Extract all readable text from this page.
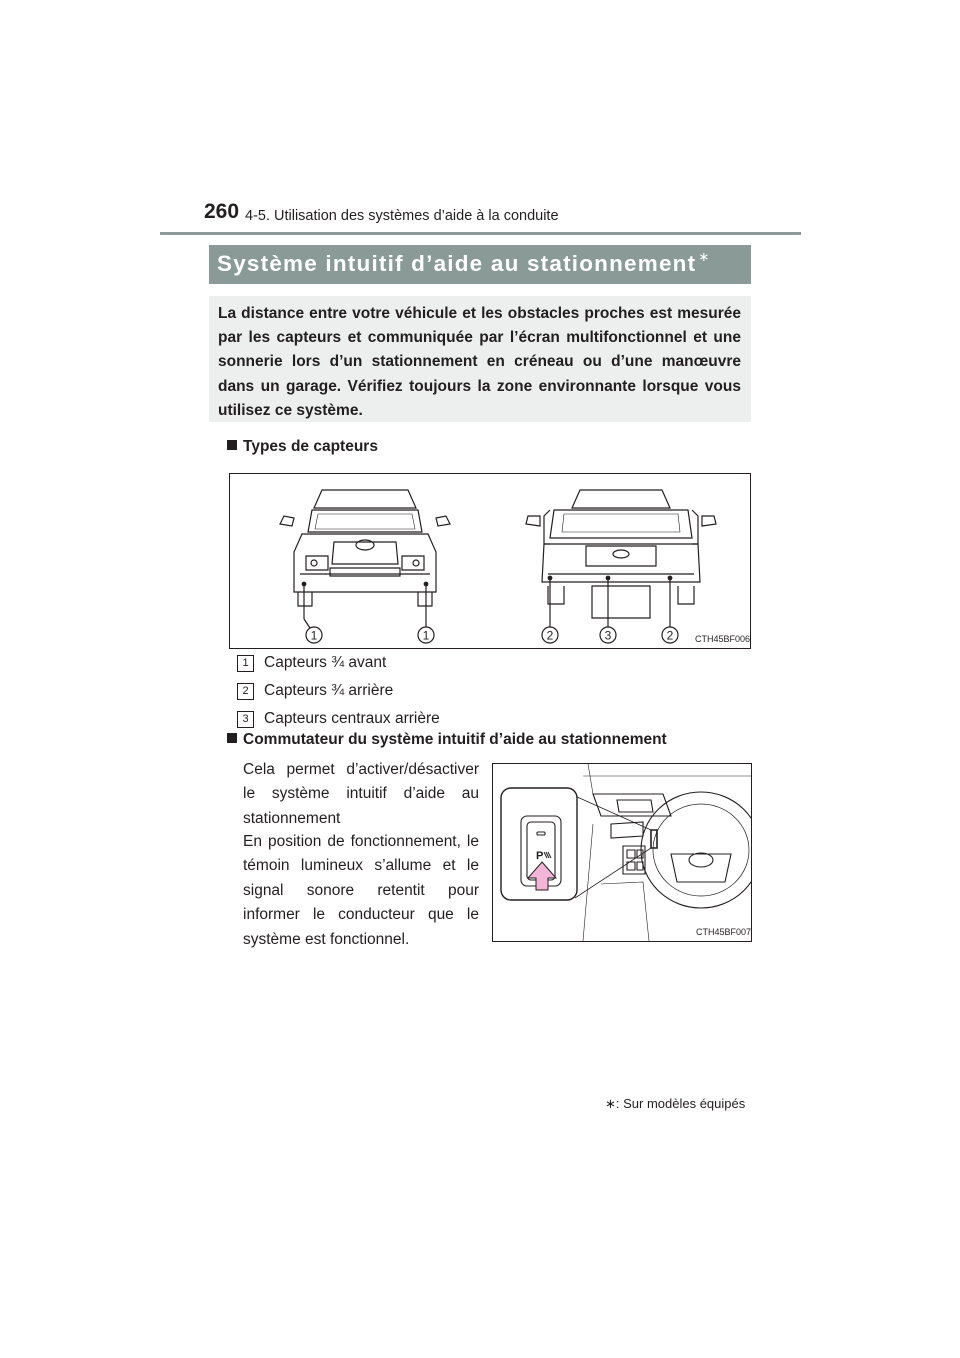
260 4-5. Utilisation des systèmes d’aide à la conduite
Système intuitif d’aide au stationnement ∗
La distance entre votre véhicule et les obstacles proches est mesurée par les capteurs et communiquée par l’écran multifonctionnel et une sonnerie lors d’un stationnement en créneau ou d’une manœuvre dans un garage. Vérifiez toujours la zone environnante lorsque vous utilisez ce système.
Types de capteurs
1	1	2	3	2 CTH45BF006
1 Capteurs ¾ avant
2 Capteurs ¾ arrière
3 Capteurs centraux arrière
Commutateur du système intuitif d’aide au stationnement
Cela permet d’activer/désactiver le système intuitif d’aide au stationnement
En position de fonctionnement, le témoin lumineux s’allume et le signal sonore retentit pour informer le conducteur que le système est fonctionnel.
P
CTH45BF007
∗: Sur modèles équipés
